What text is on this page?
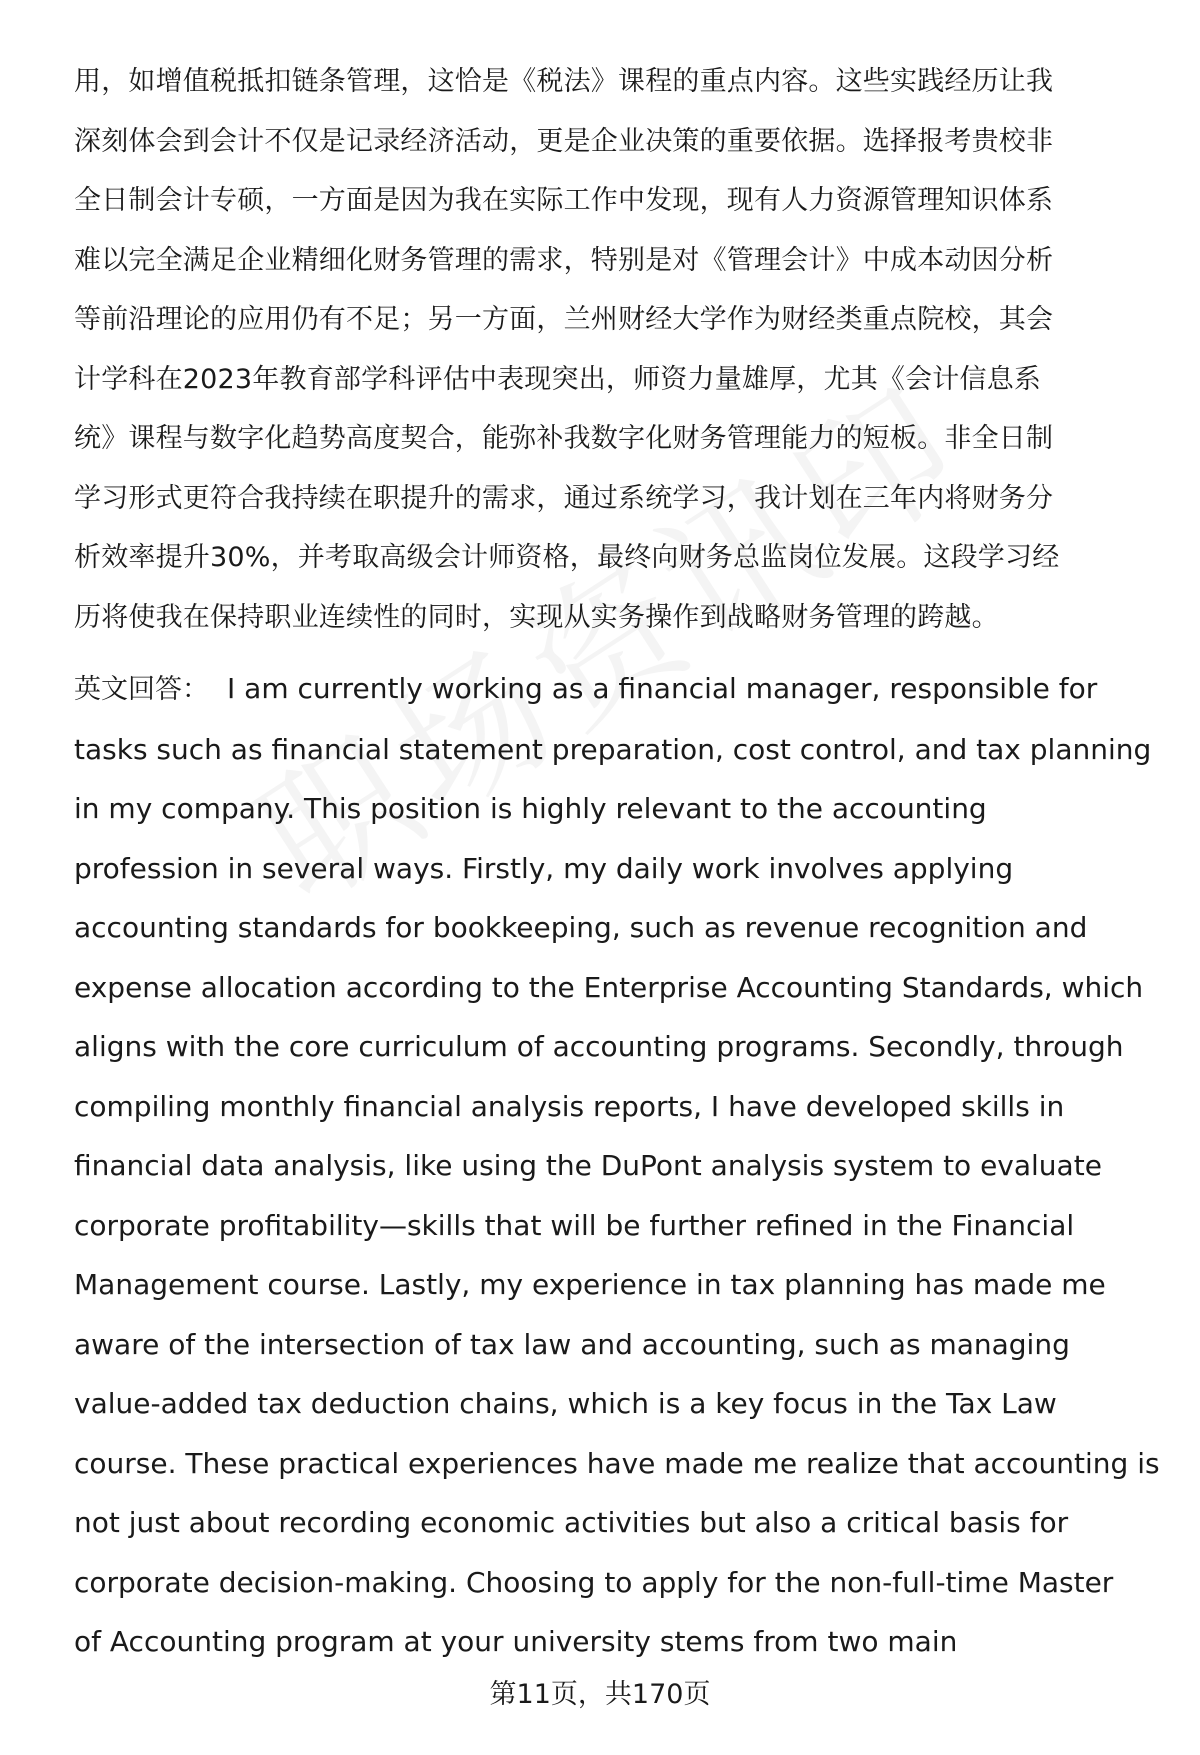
用，如增值税抵扣链条管理，这恰是《税法》课程的重点内容。这些实践经历让我
深刻体会到会计不仅是记录经济活动，更是企业决策的重要依据。选择报考贵校非
全日制会计专硕，一方面是因为我在实际工作中发现，现有人力资源管理知识体系
难以完全满足企业精细化财务管理的需求，特别是对《管理会计》中成本动因分析
等前沿理论的应用仍有不足；另一方面，兰州财经大学作为财经类重点院校，其会
计学科在2023年教育部学科评估中表现突出，师资力量雄厚，尤其《会计信息系
统》课程与数字化趋势高度契合，能弥补我数字化财务管理能力的短板。非全日制
学习形式更符合我持续在职提升的需求，通过系统学习，我计划在三年内将财务分
析效率提升30%，并考取高级会计师资格，最终向财务总监岗位发展。这段学习经
历将使我在保持职业连续性的同时，实现从实务操作到战略财务管理的跨越。

英文回答： I am currently working as a financial manager, responsible for
tasks such as financial statement preparation, cost control, and tax planning
in my company. This position is highly relevant to the accounting
profession in several ways. Firstly, my daily work involves applying
accounting standards for bookkeeping, such as revenue recognition and
expense allocation according to the Enterprise Accounting Standards, which
aligns with the core curriculum of accounting programs. Secondly, through
compiling monthly financial analysis reports, I have developed skills in
financial data analysis, like using the DuPont analysis system to evaluate
corporate profitability—skills that will be further refined in the Financial
Management course. Lastly, my experience in tax planning has made me
aware of the intersection of tax law and accounting, such as managing
value-added tax deduction chains, which is a key focus in the Tax Law
course. These practical experiences have made me realize that accounting is
not just about recording economic activities but also a critical basis for
corporate decision-making. Choosing to apply for the non-full-time Master
of Accounting program at your university stems from two main

第11页，共170页
